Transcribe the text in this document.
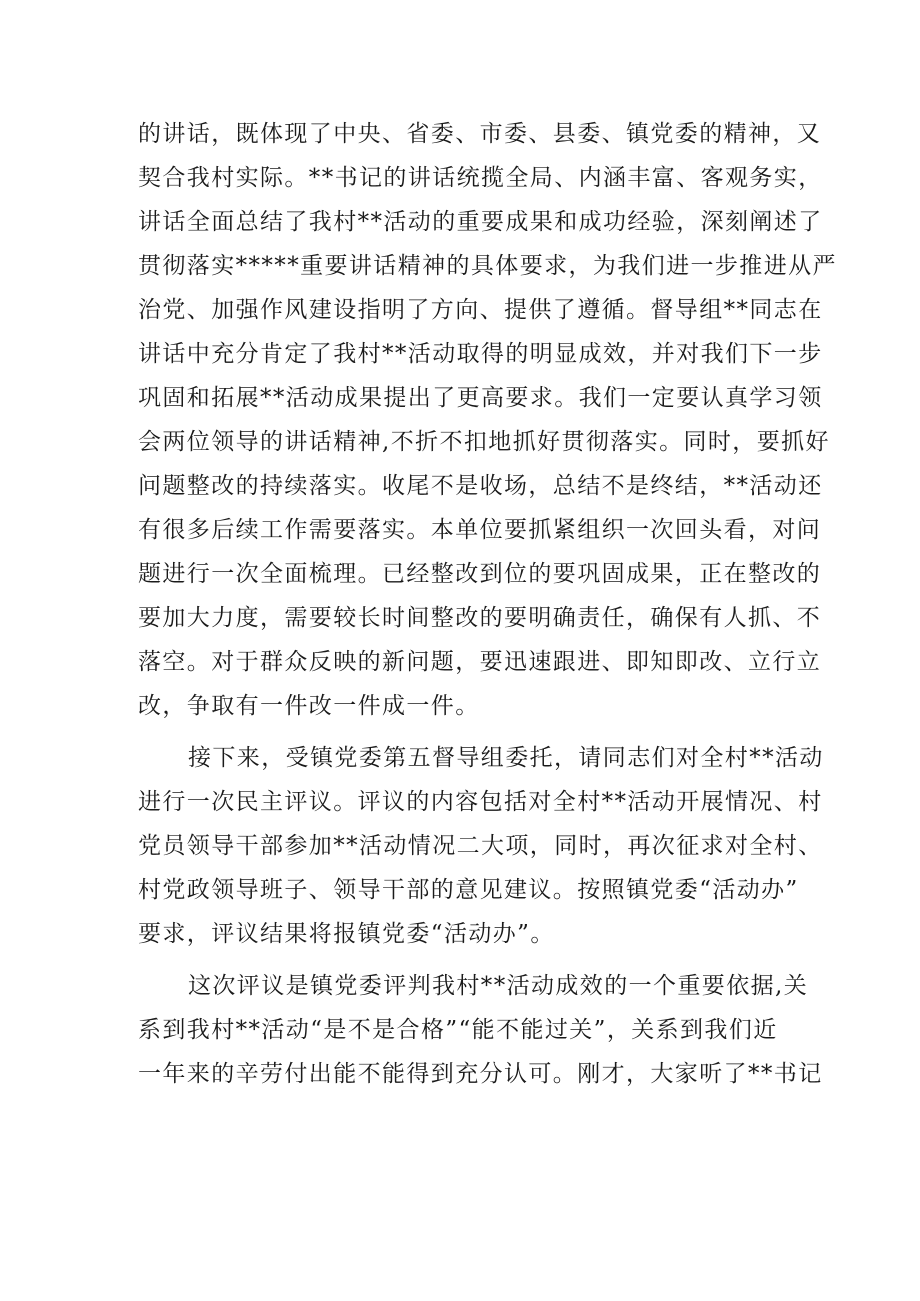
的讲话，既体现了中央、省委、市委、县委、镇党委的精神，又
契合我村实际。**书记的讲话统揽全局、内涵丰富、客观务实，
讲话全面总结了我村**活动的重要成果和成功经验，深刻阐述了
贯彻落实*****重要讲话精神的具体要求，为我们进一步推进从严
治党、加强作风建设指明了方向、提供了遵循。督导组**同志在
讲话中充分肯定了我村**活动取得的明显成效，并对我们下一步
巩固和拓展**活动成果提出了更高要求。我们一定要认真学习领
会两位领导的讲话精神,不折不扣地抓好贯彻落实。同时，要抓好
问题整改的持续落实。收尾不是收场，总结不是终结，**活动还
有很多后续工作需要落实。本单位要抓紧组织一次回头看，对问
题进行一次全面梳理。已经整改到位的要巩固成果，正在整改的
要加大力度，需要较长时间整改的要明确责任，确保有人抓、不
落空。对于群众反映的新问题，要迅速跟进、即知即改、立行立
改，争取有一件改一件成一件。
接下来，受镇党委第五督导组委托，请同志们对全村**活动
进行一次民主评议。评议的内容包括对全村**活动开展情况、村
党员领导干部参加**活动情况二大项，同时，再次征求对全村、
村党政领导班子、领导干部的意见建议。按照镇党委“活动办”
要求，评议结果将报镇党委“活动办”。
这次评议是镇党委评判我村**活动成效的一个重要依据,关
系到我村**活动“是不是合格”“能不能过关”，关系到我们近
一年来的辛劳付出能不能得到充分认可。刚才，大家听了**书记
